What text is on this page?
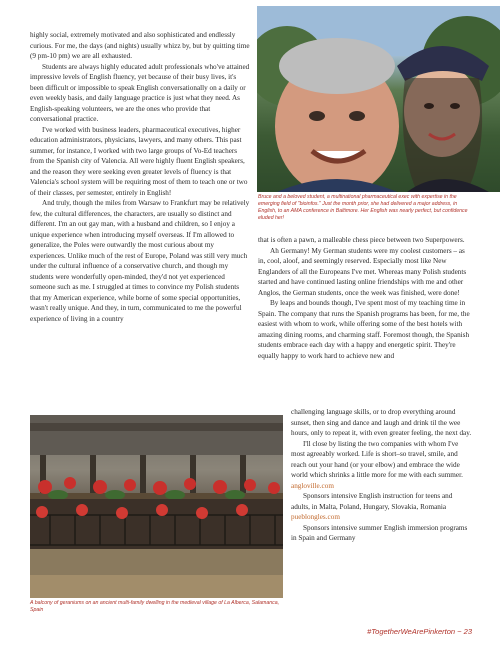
highly social, extremely motivated and also sophisticated and endlessly curious. For me, the days (and nights) usually whizz by, but by quitting time (9 pm-10 pm) we are all exhausted.

Students are always highly educated adult professionals who've attained impressive levels of English fluency, yet because of their busy lives, it's been difficult or impossible to speak English conversationally on a daily or even weekly basis, and daily language practice is just what they need. As English-speaking volunteers, we are the ones who provide that conversational practice.

I've worked with business leaders, pharmaceutical executives, higher education administrators, physicians, lawyers, and many others. This past summer, for instance, I worked with two large groups of Vo-Ed teachers from the Spanish city of Valencia. All were highly fluent English speakers, and the reason they were seeking even greater levels of fluency is that Valencia's school system will be requiring most of them to teach one or two of their classes, per semester, entirely in English!

And truly, though the miles from Warsaw to Frankfurt may be relatively few, the cultural differences, the characters, are usually so distinct and different. I'm an out gay man, with a husband and children, so I enjoy a unique experience when introducing myself overseas. If I'm allowed to generalize, the Poles were outwardly the most curious about my experiences. Unlike much of the rest of Europe, Poland was still very much under the cultural influence of a conservative church, and though my students were wonderfully open-minded, they'd not yet experienced someone such as me. I struggled at times to convince my Polish students that my American experience, while borne of some special opportunities, wasn't really unique. And they, in turn, communicated to me the powerful experience of living in a country

Bruce and a beloved student, a multinational pharmaceutical exec with expertise in the emerging field of "bioinfos." Just the month prior, she had delivered a major address, in English, to an AMA conference in Baltimore. Her English was nearly perfect, but confidence eluded her!

that is often a pawn, a malleable chess piece between two Superpowers.

Ah Germany! My German students were my coolest customers – as in, cool, aloof, and seemingly reserved. Especially most like New Englanders of all the Europeans I've met. Whereas many Polish students started and have continued lasting online friendships with me and other Anglos, the German students, once the week was finished, were done!

By leaps and bounds though, I've spent most of my teaching time in Spain. The company that runs the Spanish programs has been, for me, the easiest with whom to work, while offering some of the best hotels with amazing dining rooms, and charming staff. Foremost though, the Spanish students embrace each day with a happy and energetic spirit. They're equally happy to work hard to achieve new and

challenging language skills, or to drop everything around sunset, then sing and dance and laugh and drink til the wee hours, only to repeat it, with even greater feeling, the next day.

I'll close by listing the two companies with whom I've most agreeably worked. Life is short–so travel, smile, and reach out your hand (or your elbow) and embrace the wide world which shrinks a little more for me with each summer.

angloville.com

Sponsors intensive English instruction for teens and adults, in Malta, Poland, Hungary, Slovakia, Romania

pueblongles.com

Sponsors intensive summer English immersion programs in Spain and Germany

A balcony of geraniums on an ancient multi-family dwelling in the medieval village of La Alberca, Salamanca, Spain
#TogetherWeArePinkerton ~ 23
